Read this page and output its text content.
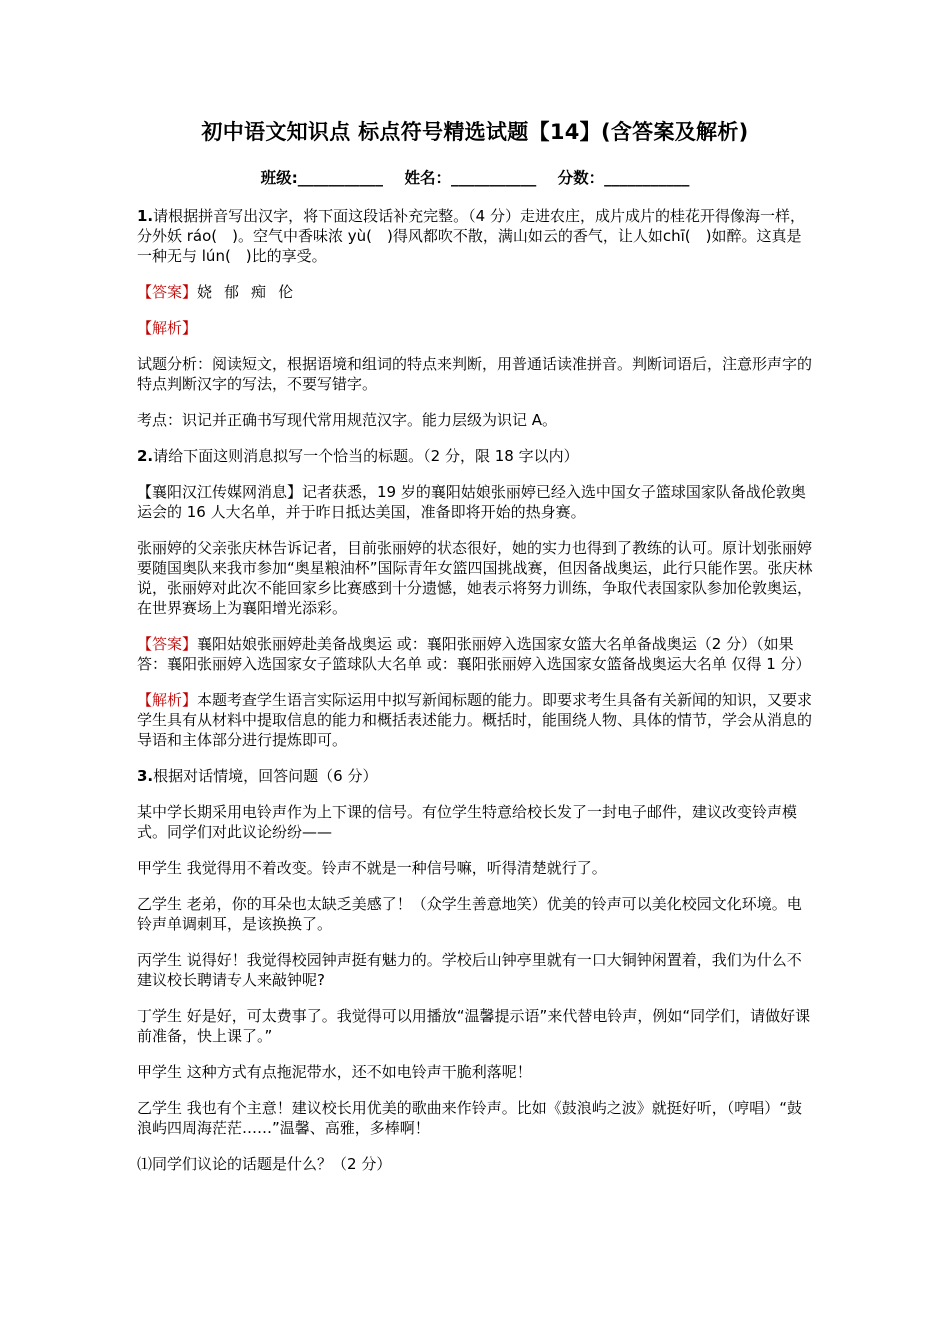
初中语文知识点 标点符号精选试题【14】(含答案及解析)
班级:___________ 姓名：___________ 分数：___________

1.请根据拼音写出汉字，将下面这段话补充完整。（4 分）走进农庄，成片成片的桂花开得像海一样，分外妖 ráo(　)。空气中香味浓 yù(　)得风都吹不散，满山如云的香气，让人如chī(　)如醉。这真是一种无与 lún(　)比的享受。

【答案】娆 郁 痴 伦

【解析】

试题分析：阅读短文，根据语境和组词的特点来判断，用普通话读准拼音。判断词语后，注意形声字的特点判断汉字的写法，不要写错字。

考点：识记并正确书写现代常用规范汉字。能力层级为识记 A。

2.请给下面这则消息拟写一个恰当的标题。（2 分，限 18 字以内）

【襄阳汉江传媒网消息】记者获悉，19 岁的襄阳姑娘张丽婷已经入选中国女子篮球国家队备战伦敦奥运会的 16 人大名单，并于昨日抵达美国，准备即将开始的热身赛。

张丽婷的父亲张庆林告诉记者，目前张丽婷的状态很好，她的实力也得到了教练的认可。原计划张丽婷要随国奥队来我市参加“奥星粮油杯”国际青年女篮四国挑战赛，但因备战奥运，此行只能作罢。张庆林说，张丽婷对此次不能回家乡比赛感到十分遗憾，她表示将努力训练，争取代表国家队参加伦敦奥运，在世界赛场上为襄阳增光添彩。

【答案】襄阳姑娘张丽婷赴美备战奥运 或：襄阳张丽婷入选国家女篮大名单备战奥运（2 分）（如果答：襄阳张丽婷入选国家女子篮球队大名单 或：襄阳张丽婷入选国家女篮备战奥运大名单 仅得 1 分）

【解析】本题考查学生语言实际运用中拟写新闻标题的能力。即要求考生具备有关新闻的知识，又要求学生具有从材料中提取信息的能力和概括表述能力。概括时，能围绕人物、具体的情节，学会从消息的导语和主体部分进行提炼即可。

3.根据对话情境，回答问题（6 分）

某中学长期采用电铃声作为上下课的信号。有位学生特意给校长发了一封电子邮件，建议改变铃声模式。同学们对此议论纷纷——

甲学生 我觉得用不着改变。铃声不就是一种信号嘛，听得清楚就行了。

乙学生 老弟，你的耳朵也太缺乏美感了！（众学生善意地笑）优美的铃声可以美化校园文化环境。电铃声单调刺耳，是该换换了。

丙学生 说得好！我觉得校园钟声挺有魅力的。学校后山钟亭里就有一口大铜钟闲置着，我们为什么不建议校长聘请专人来敲钟呢?

丁学生 好是好，可太费事了。我觉得可以用播放“温馨提示语”来代替电铃声，例如“同学们，请做好课前准备，快上课了。”

甲学生 这种方式有点拖泥带水，还不如电铃声干脆利落呢！

乙学生 我也有个主意！建议校长用优美的歌曲来作铃声。比如《鼓浪屿之波》就挺好听，（哼唱）“鼓浪屿四周海茫茫……”温馨、高雅，多棒啊！

⑴同学们议论的话题是什么？（2 分）
